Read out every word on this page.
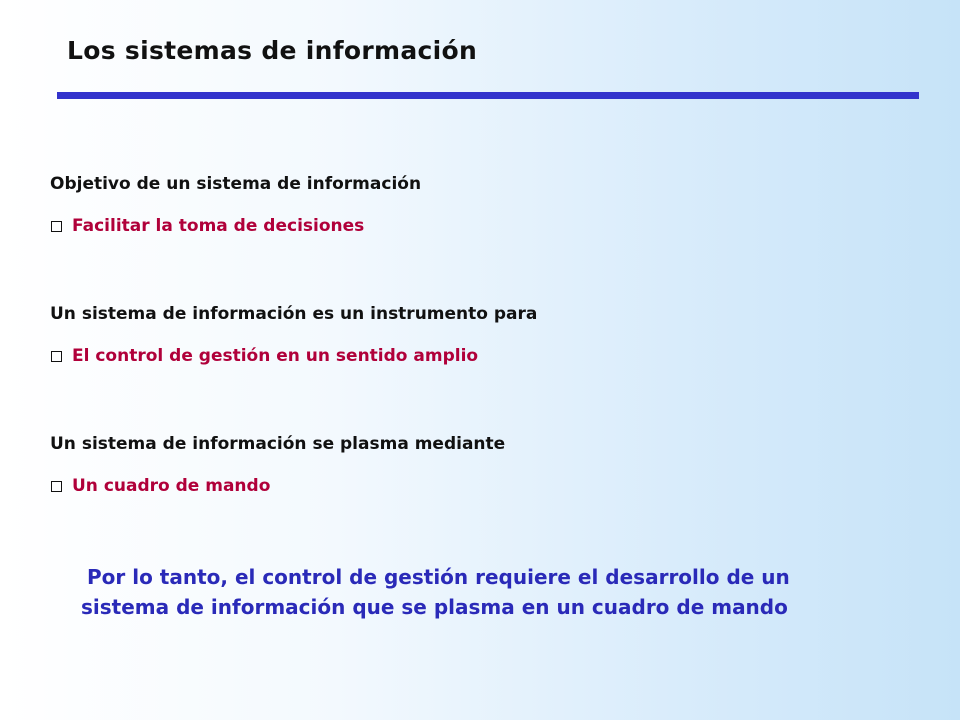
Los sistemas de información
Objetivo de un sistema de información
Facilitar la toma de decisiones
Un sistema de información es un instrumento para
El control de gestión en un sentido amplio
Un sistema de información se plasma mediante
Un cuadro de mando
Por lo tanto, el control de gestión requiere el desarrollo de un
sistema de información que se plasma en un cuadro de mando
